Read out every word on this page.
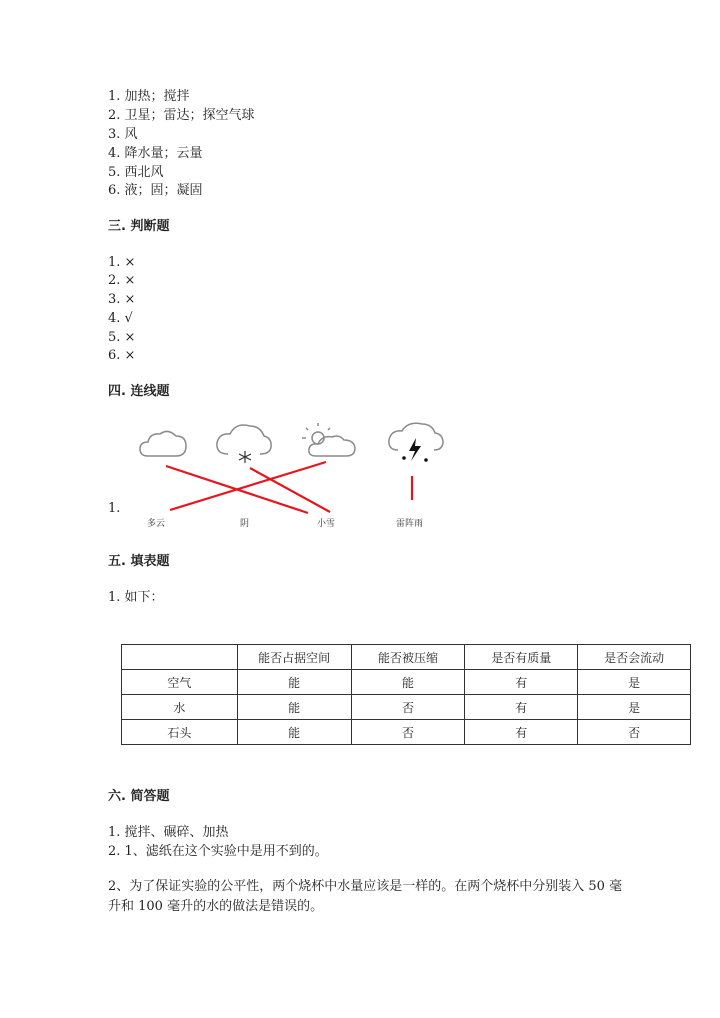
1. 加热；搅拌
2. 卫星；雷达；探空气球
3. 风
4. 降水量；云量
5. 西北风
6. 液；固；凝固
三. 判断题
1. ×
2. ×
3. ×
4. √
5. ×
6. ×
四. 连线题
1.
多云	阴	小雪	雷阵雨
五. 填表题
1. 如下：
	能否占据空间	能否被压缩	是否有质量	是否会流动
空气	能	能	有	是
水	能	否	有	是
石头	能	否	有	否
六. 简答题
1. 搅拌、碾碎、加热
2. 1、滤纸在这个实验中是用不到的。
2、为了保证实验的公平性，两个烧杯中水量应该是一样的。在两个烧杯中分别装入 50 毫升和 100 毫升的水的做法是错误的。
